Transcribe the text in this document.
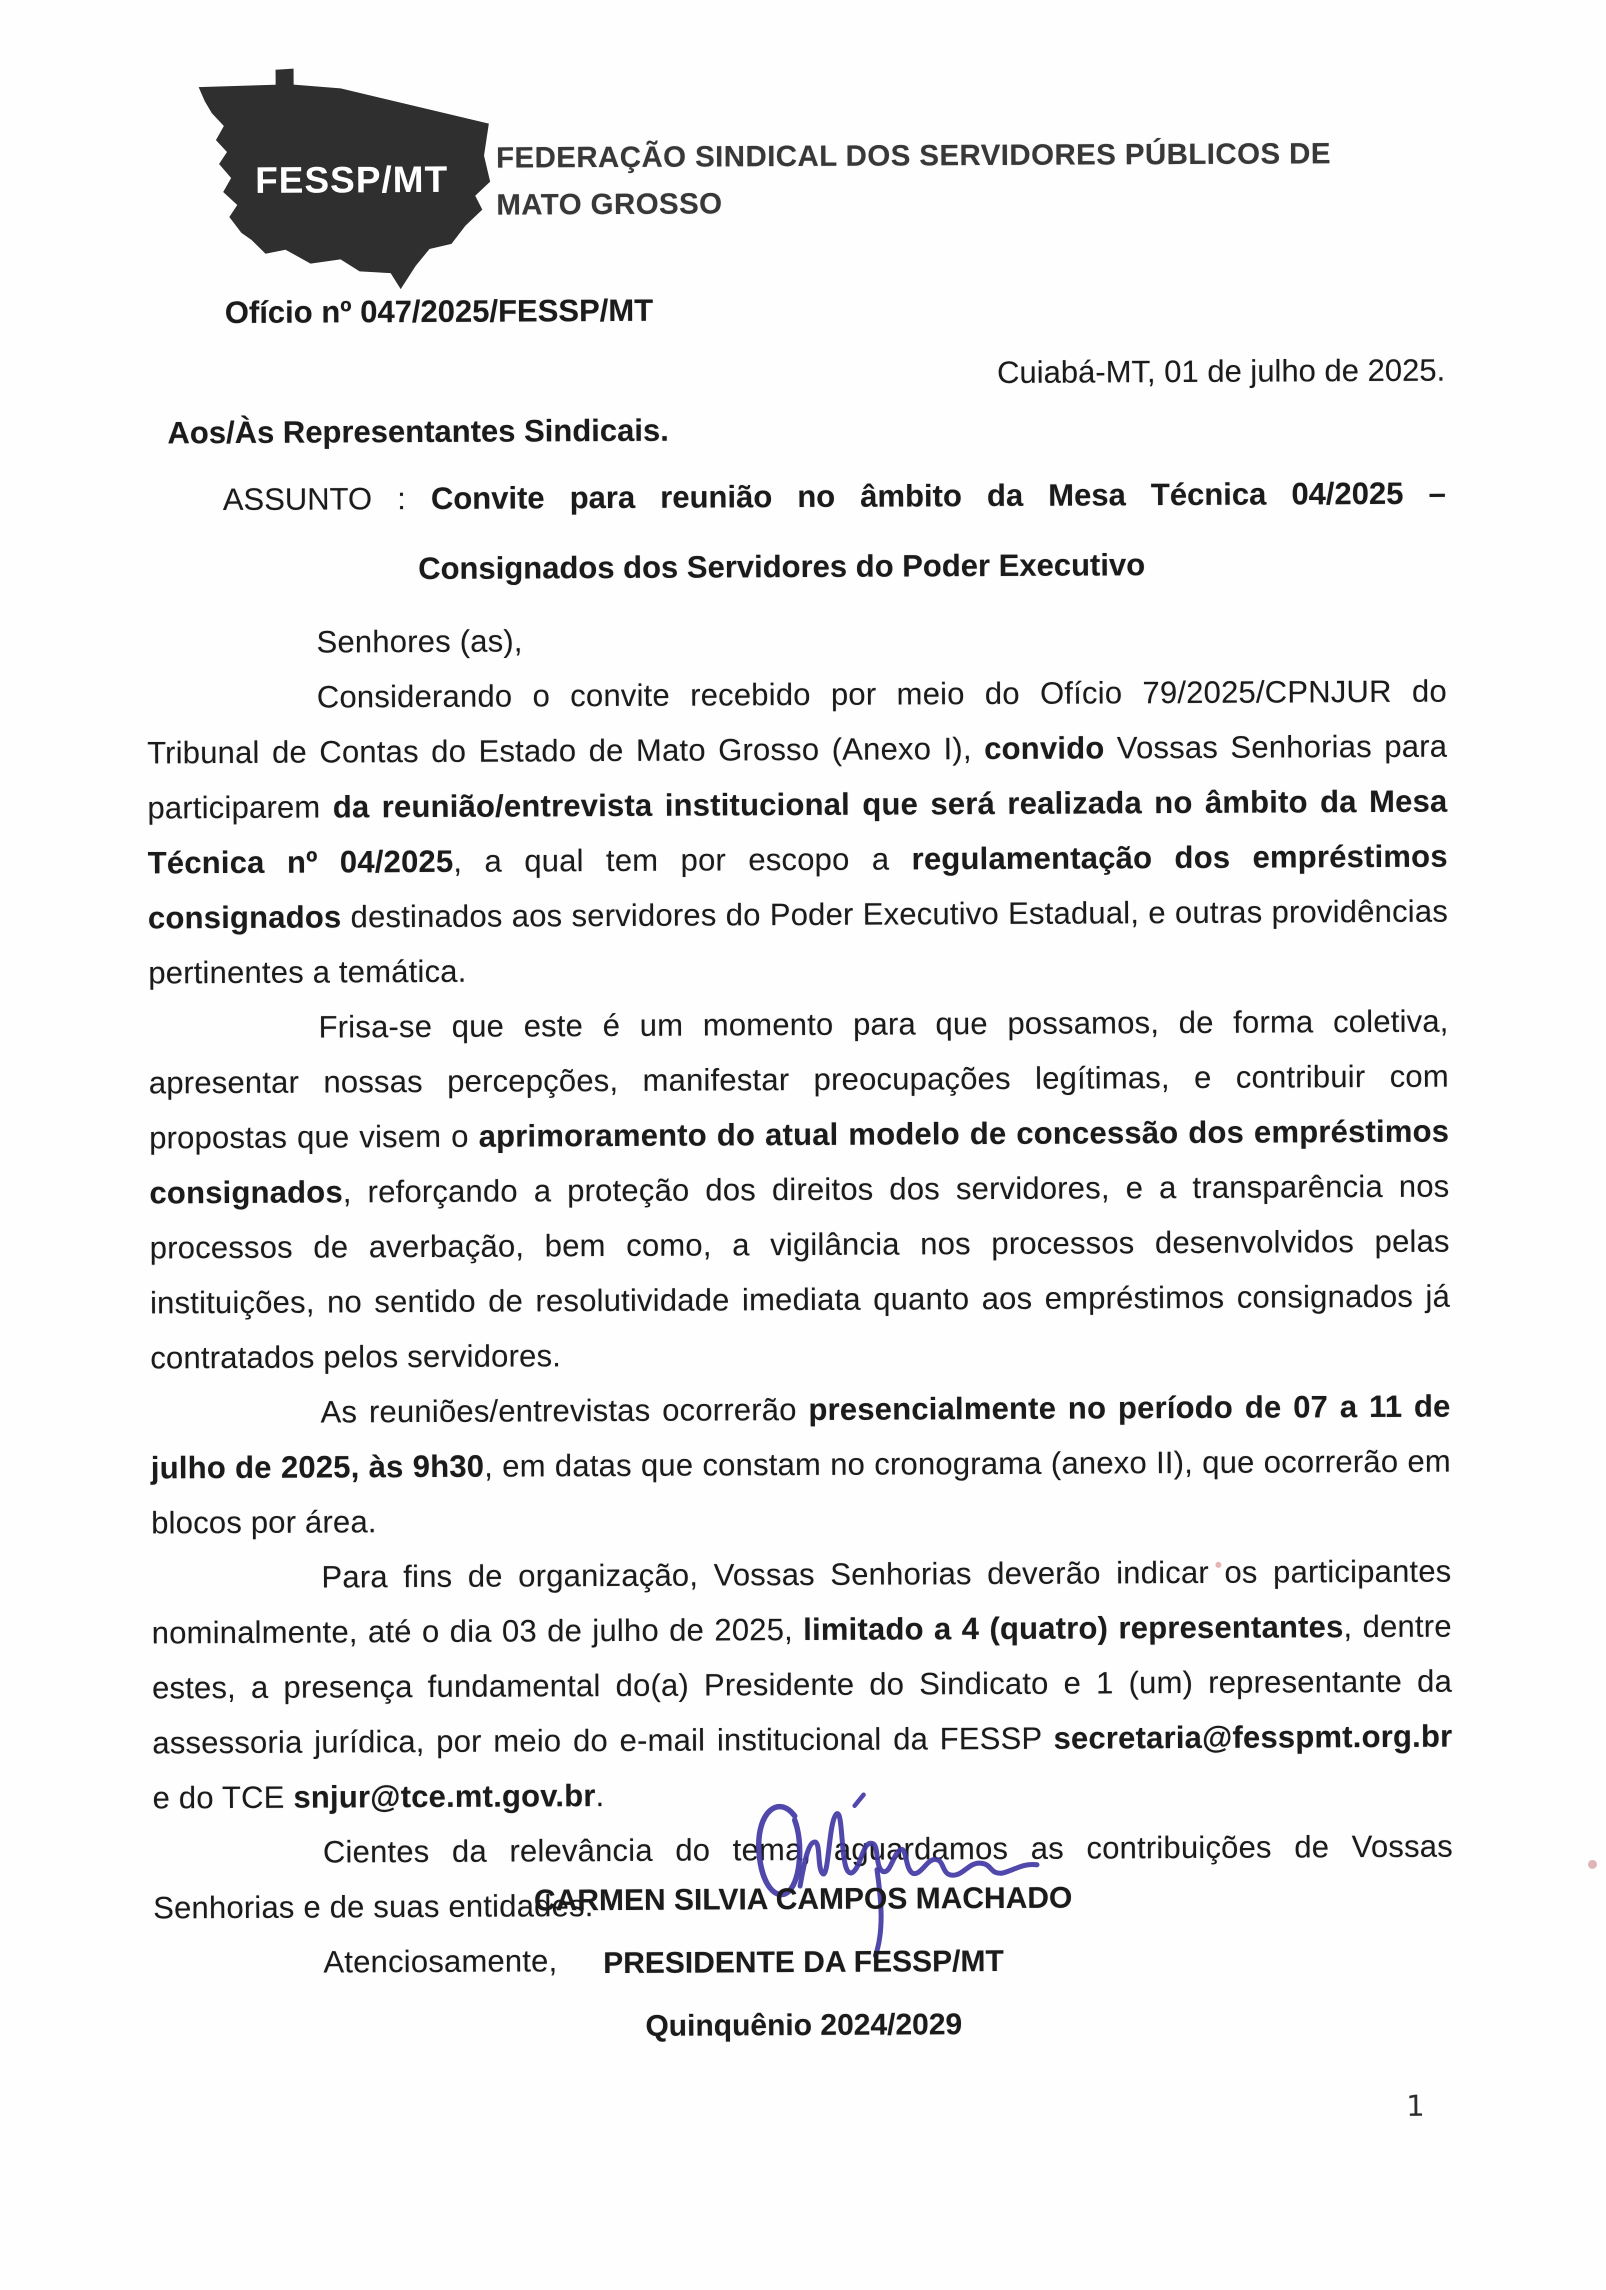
FESSP/MT
FEDERAÇÃO SINDICAL DOS SERVIDORES PÚBLICOS DE
MATO GROSSO
Ofício nº 047/2025/FESSP/MT
Cuiabá-MT, 01 de julho de 2025.
Aos/Às Representantes Sindicais.
ASSUNTO : Convite para reunião no âmbito da Mesa Técnica 04/2025 –
Consignados dos Servidores do Poder Executivo

Senhores (as),

Considerando o convite recebido por meio do Ofício 79/2025/CPNJUR do Tribunal de Contas do Estado de Mato Grosso (Anexo I), convido Vossas Senhorias para participarem da reunião/entrevista institucional que será realizada no âmbito da Mesa Técnica nº 04/2025, a qual tem por escopo a regulamentação dos empréstimos consignados destinados aos servidores do Poder Executivo Estadual, e outras providências pertinentes a temática.

Frisa-se que este é um momento para que possamos, de forma coletiva, apresentar nossas percepções, manifestar preocupações legítimas, e contribuir com propostas que visem o aprimoramento do atual modelo de concessão dos empréstimos consignados, reforçando a proteção dos direitos dos servidores, e a transparência nos processos de averbação, bem como, a vigilância nos processos desenvolvidos pelas instituições, no sentido de resolutividade imediata quanto aos empréstimos consignados já contratados pelos servidores.

As reuniões/entrevistas ocorrerão presencialmente no período de 07 a 11 de julho de 2025, às 9h30, em datas que constam no cronograma (anexo II), que ocorrerão em blocos por área.

Para fins de organização, Vossas Senhorias deverão indicar os participantes nominalmente, até o dia 03 de julho de 2025, limitado a 4 (quatro) representantes, dentre estes, a presença fundamental do(a) Presidente do Sindicato e 1 (um) representante da assessoria jurídica, por meio do e-mail institucional da FESSP secretaria@fesspmt.org.br e do TCE snjur@tce.mt.gov.br.

Cientes da relevância do tema, aguardamos as contribuições de Vossas Senhorias e de suas entidades.

Atenciosamente,

CARMEN SILVIA CAMPOS MACHADO
PRESIDENTE DA FESSP/MT
Quinquênio 2024/2029
1
